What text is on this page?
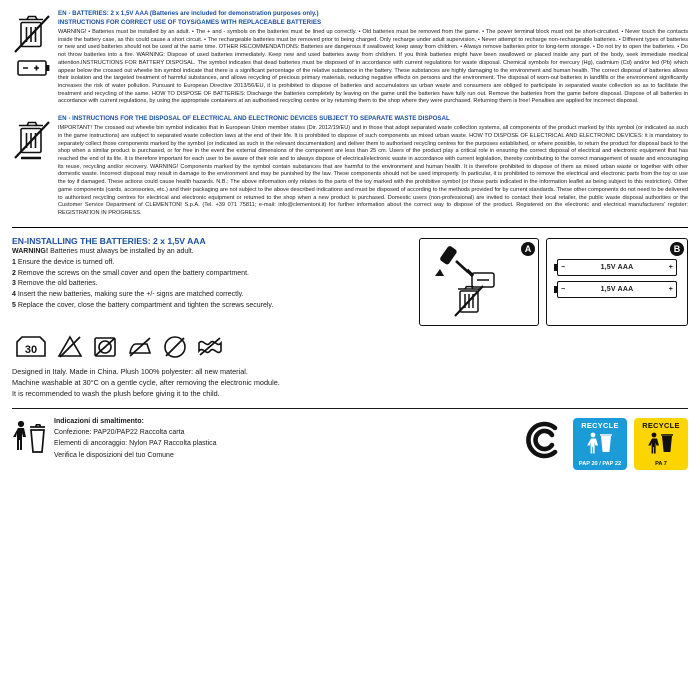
EN - BATTERIES: 2 x 1,5V AAA (Batteries are included for demonstration purposes only.)
INSTRUCTIONS FOR CORRECT USE OF TOYS/GAMES WITH REPLACEABLE BATTERIES
WARNING! • Batteries must be installed by an adult. • The + and - symbols on the batteries must be lined up correctly. • Old batteries must be removed from the game. • The power terminal block must not be short-circuited. • Never touch the contacts inside the battery case, as this could cause a short circuit. • The rechargeable batteries must be removed prior to being charged. Only recharge under adult supervision. • Never attempt to recharge non-rechargeable batteries. • Different types of batteries or new and used batteries should not be used at the same time. OTHER RECOMMENDATIONS: Batteries are dangerous if swallowed; keep away from children. • Always remove batteries prior to long-term storage. • Do not try to open the batteries. • Do not throw batteries into a fire. WARNING: Dispose of used batteries immediately. Keep new and used batteries away from children. If you think batteries might have been swallowed or placed inside any part of the body, seek immediate medical attention.INSTRUCTIONS FOR BATTERY DISPOSAL. The symbol indicates that dead batteries must be disposed of in accordance with current regulations for waste disposal. Chemical symbols for mercury (Hg), cadmium (Cd) and/or led (Pb) which appear below the crossed out wheelie bin symbol indicate that there is a significant percentage of the relative substance in the battery. These substances are highly damaging to the environment and human health. The correct disposal of batteries allows their isolation and the targeted treatment of harmful substances, and allows recycling of precious primary materials, reducing negative effects on persons and the environment. The disposal of worn-out batteries in landfills or the environment significantly increases the risk of water pollution. Pursuant to European Directive 2013/56/EU, it is prohibited to dispose of batteries and accumulators as urban waste and consumers are obliged to participate in separated waste collection so as to facilitate the treatment and recycling of the same. HOW TO DISPOSE OF BATTERIES: Discharge the batteries completely by leaving on the game until the batteries have fully run out. Remove the batteries from the game before disposal. Dispose of all batteries in accordance with current regulations, by using the appropriate containers at an authorised recycling centre or by returning them to the shop where they were purchased. Returning them is free! Penalties are applied for incorrect disposal.
EN - INSTRUCTIONS FOR THE DISPOSAL OF ELECTRICAL AND ELECTRONIC DEVICES SUBJECT TO SEPARATE WASTE DISPOSAL
IMPORTANT! The crossed out wheelie bin symbol indicates that in European Union member states (Dir. 2012/19/EU) and in those that adopt separated waste collection systems, all components of the product marked by this symbol (or indicated as such in the game instructions) are subject to separated waste collection laws at the end of their life. It is prohibited to dispose of such components as mixed urban waste. HOW TO DISPOSE OF ELECTRICAL AND ELECTRONIC DEVICES: it is mandatory to separately collect those components marked by the symbol (or indicated as such in the relevant documentation) and deliver them to authorised recycling centres for the purposes established, or where possible, to return the product for disposal back to the shop when a similar product is purchased, or for free in the event the external dimensions of the component are less than 25 cm. Users of the product play a critical role in ensuring the correct disposal of electrical and electronic equipment that has reached the end of its life. It is therefore important for each user to be aware of their role and to always dispose of electrical/electronic waste in accordance with current legislation, thereby contributing to the correct management of waste and encouraging its reuse, recycling and/or recovery. WARNING! Components marked by the symbol contain substances that are harmful to the environment and human health. It is therefore prohibited to dispose of them as mixed urban waste or together with other domestic waste. Incorrect disposal may result in damage to the environment and may be punished by the law. These components should not be used improperly. In particular, it is prohibited to remove the electrical and electronic parts from the toy or use the toy if damaged. These actions could cause health hazards. N.B.: The above information only relates to the parts of the toy marked with the prohibitive symbol (or those parts indicated in the information leaflet as being subject to this restriction). Other game components (cards, accessories, etc.) and their packaging are not subject to the above described indications and must be disposed of according to the methods provided for by current standards. These other components do not need to be delivered to authorised recycling centres for electrical and electronic equipment or returned to the shop when a new product is purchased. Domestic users (non-professional) are invited to contact their local retailer, the public waste disposal authorities or the Customer Service Department of CLEMENTONI S.p.A. (Tel. +39 071 75811; e-mail: info@clementoni.it) for further information about the correct way to dispose of the product. Registered on the electronic and electrical manufacturers' register: REGISTRATION IN PROGRESS.
EN-INSTALLING THE BATTERIES: 2 x 1,5V AAA
WARNING! Batteries must always be installed by an adult.
1 Ensure the device is turned off.
2 Remove the screws on the small cover and open the battery compartment.
3 Remove the old batteries.
4 Insert the new batteries, making sure the +/- signs are matched correctly.
5 Replace the cover, close the battery compartment and tighten the screws securely.
A	B
−	1,5V AAA	+
−	1,5V AAA	+
30
Designed in Italy. Made in China. Plush 100% polyester: all new material.
Machine washable at 30°C on a gentle cycle, after removing the electronic module.
It is recommended to wash the plush before giving it to the child.
Indicazioni di smaltimento:
Confezione: PAP20/PAP22 Raccolta carta
Elementi di ancoraggio: Nylon PA7 Raccolta plastica
Verifica le disposizioni del tuo Comune
RECYCLE
PAP 20 / PAP 22
RECYCLE
PA 7
